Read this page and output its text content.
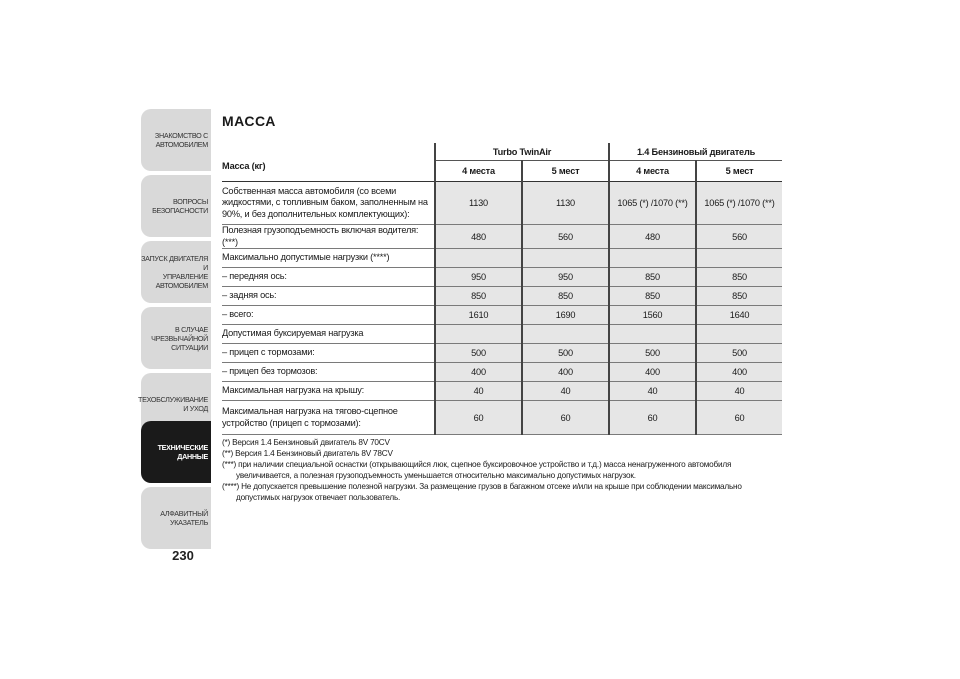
ЗНАКОМСТВО С
АВТОМОБИЛЕМ
ВОПРОСЫ
БЕЗОПАСНОСТИ
ЗАПУСК ДВИГАТЕЛЯ И
УПРАВЛЕНИЕ
АВТОМОБИЛЕМ
В СЛУЧАЕ
ЧРЕЗВЫЧАЙНОЙ
СИТУАЦИИ
ТЕХОБСЛУЖИВАНИЕ
И УХОД
ТЕХНИЧЕСКИЕ
ДАННЫЕ
АЛФАВИТНЫЙ
УКАЗАТЕЛЬ
230
МАССА
	Turbo TwinAir		1.4 Бензиновый двигатель	
Масса (кг)	4 места	5 мест	4 места	5 мест
Собственная масса автомобиля (со всеми жидкостями, с топливным баком, заполненным на 90%, и без дополнительных комплектующих):	1130	1130	1065 (*) /1070 (**)	1065 (*) /1070 (**)
Полезная грузоподъемность включая водителя: (***)	480	560	480	560
Максимально допустимые нагрузки (****)				
– передняя ось:	950	950	850	850
– задняя ось:	850	850	850	850
– всего:	1610	1690	1560	1640
Допустимая буксируемая нагрузка				
– прицеп с тормозами:	500	500	500	500
– прицеп без тормозов:	400	400	400	400
Максимальная нагрузка на крышу:	40	40	40	40
Максимальная нагрузка на тягово-сцепное устройство (прицеп с тормозами):	60	60	60	60

(*) Версия 1.4 Бензиновый двигатель 8V 70CV

(**) Версия 1.4 Бензиновый двигатель 8V 78CV

(***) при наличии специальной оснастки (открывающийся люк, сцепное буксировочное устройство и т.д.) масса ненагруженного автомобиля увеличивается, а полезная грузоподъемность уменьшается относительно максимально допустимых нагрузок.

(****) Не допускается превышение полезной нагрузки. За размещение грузов в багажном отсеке и/или на крыше при соблюдении максимально допустимых нагрузок отвечает пользователь.
